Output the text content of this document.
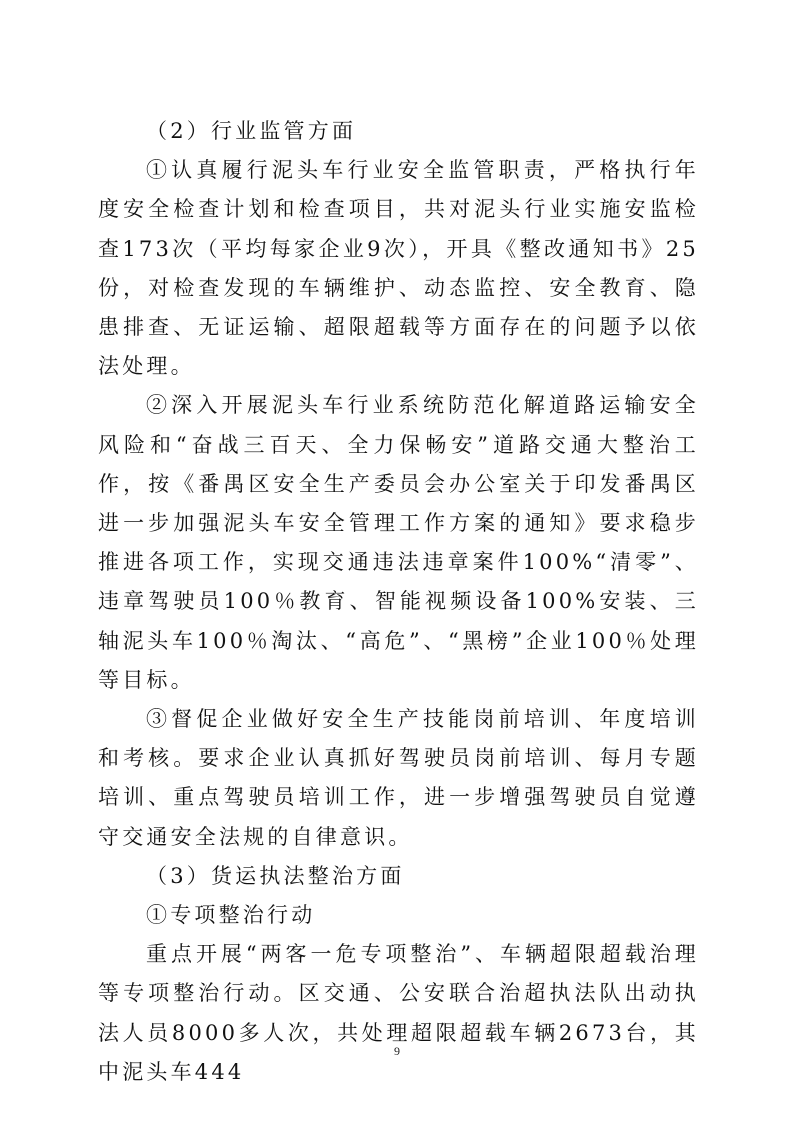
（2）行业监管方面

①认真履行泥头车行业安全监管职责，严格执行年度安全检查计划和检查项目，共对泥头行业实施安监检查173次（平均每家企业9次），开具《整改通知书》25份，对检查发现的车辆维护、动态监控、安全教育、隐患排查、无证运输、超限超载等方面存在的问题予以依法处理。

②深入开展泥头车行业系统防范化解道路运输安全风险和“奋战三百天、全力保畅安”道路交通大整治工作，按《番禺区安全生产委员会办公室关于印发番禺区进一步加强泥头车安全管理工作方案的通知》要求稳步推进各项工作，实现交通违法违章案件100%“清零”、违章驾驶员100％教育、智能视频设备100%安装、三轴泥头车100％淘汰、“高危”、“黑榜”企业100％处理等目标。

③督促企业做好安全生产技能岗前培训、年度培训和考核。要求企业认真抓好驾驶员岗前培训、每月专题培训、重点驾驶员培训工作，进一步增强驾驶员自觉遵守交通安全法规的自律意识。

（3）货运执法整治方面

①专项整治行动

重点开展“两客一危专项整治”、车辆超限超载治理等专项整治行动。区交通、公安联合治超执法队出动执法人员8000多人次，共处理超限超载车辆2673台，其中泥头车444

9
